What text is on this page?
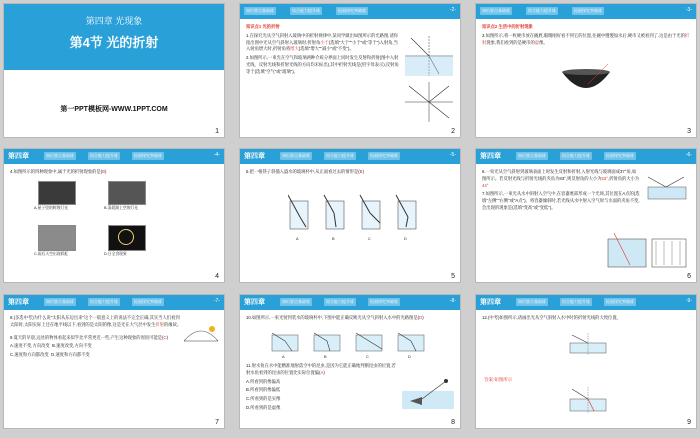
第四章 光现象
第4节 光的折射
第一PPT模板网-WWW.1PPT.COM
1
知识要点基础练	综合能力提升练	拓展探究突破练	-2-
知识点1 光的折射

1.在探究光从空气斜射入玻璃中的折射规律中,某同学做出如图所示的光路图,请你指出图中光从空气斜射入玻璃时,折射角小于(选填"大于""小于"或"等于")入射角,当入射角增大时,折射角将增大(选填"增大""减小"或"不变")。

2.如图所示,一束光在空气和玻璃两种介质分界面上同时发生反射和折射(图中入射光线、反射光线和折射光线的方向均未标出),其中折射光线是(用字母表示),反射角等于(选填"空气"或"玻璃")。

2
知识要点基础练	综合能力提升练	拓展探究突破练	-3-
知识点2 生活中的折射现象

3.如图所示,将一枚硬币放在碗底,眼睛刚好看不到它的位置,往碗中慢慢加水后,硬币又被看到了,这是由于光的折射现象,我们看到的是硬币的虚像。

3
第四章	知识要点基础练	综合能力提升练	拓展探究突破练	-4-

4.如图所示的四种现象中,属于光的折射现象的是(B)

A.屋子里的辉煌灯光	B.清晨湖上空的灯光
C.雨后天空出现彩虹	D.日全食现象
4
第四章	知识要点基础练	综合能力提升练	拓展探究突破练	-5-

5.把一根筷子斜插入盛水的玻璃杯中,从正面看过去的情形是(B)

A	B	C	D
5
第四章	知识要点基础练	综合能力提升练	拓展探究突破练	-6-

6.一束光从空气斜射到玻璃表面上时发生反射和折射,入射光线与玻璃面成37°角,如图所示。若反射光线与折射光线的夹角为83°,则反射角的大小为53°,折射角的大小为44°

7.如图所示,一束光从水中斜射入空气中,在容器底部形成一个光斑,其位置在A点的(选填"左侧""右侧"或"A点")。将容器倾斜时,若光线从水中射入空气时与水面的夹角不变,会出现的现象是(选填"变高"或"变低")。

6
第四章	知识要点基础练	综合能力提升练	拓展探究突破练	-7-

8.(多选中考)为什么说"太阳从东边出来"这个一般意义上的说法不完全正确,其实当人们看到太阳时,太阳实际上还在地平线以下,看到的是太阳的像,这是光在大气层中发生折射的缘故。

9.夏天的早晨,远处的物体看起来似乎比平常更近一些,产生这种现象的原因可能是(C)

A.速度不变,方向改变 B.速度改变,方向不变

C.速度和方向都改变 D.速度和方向都不变

7
第四章	知识要点基础练	综合能力提升练	拓展探究突破练	-8-

10.如图所示,一束光射到装水的玻璃杯中,下图中能正确反映光从空气斜射入水中的光路图是(D)

A	B	C	D

11.射水鱼在水中能精准地射落空中的昆虫,是因为它能正确地判断昆虫的位置,若射水鱼看到的昆虫的位置比实际位置偏(A)

A.所看到的像偏高

B.所看到的像偏低

C.所看到的是实像

D.所看到的是虚像

8
第四章	知识要点基础练	综合能力提升练	拓展探究突破练	-9-

12.(中考)如图所示,请画出光从空气斜射入水中时的折射光线的大致位置。

答案:如图所示
9
